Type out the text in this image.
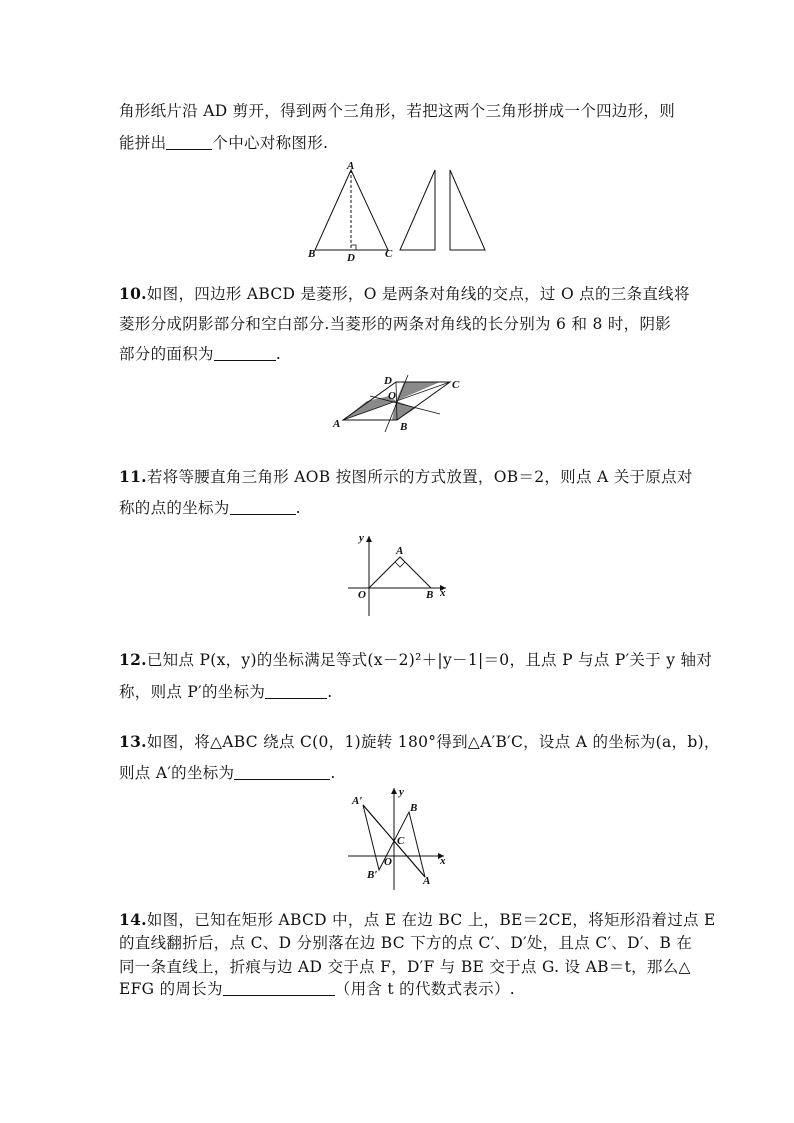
角形纸片沿 AD 剪开，得到两个三角形，若把这两个三角形拼成一个四边形，则
能拼出	个中心对称图形.
A
B	D	C
10.如图，四边形 ABCD 是菱形，O 是两条对角线的交点，过 O 点的三条直线将
菱形分成阴影部分和空白部分.当菱形的两条对角线的长分别为 6 和 8 时，阴影
部分的面积为	.
D	C
O
A	B
11.若将等腰直角三角形 AOB 按图所示的方式放置，OB＝2，则点 A 关于原点对
称的点的坐标为	.
y
x
A
O	B
12.已知点 P(x，y)的坐标满足等式(x－2)²＋|y－1|＝0，且点 P 与点 P′关于 y 轴对
称，则点 P′的坐标为	.
13.如图，将△ABC 绕点 C(0，1)旋转 180°得到△A′B′C，设点 A 的坐标为(a，b)，
则点 A′的坐标为	.
y
x
A′
B
C
O
B′	A
14.如图，已知在矩形 ABCD 中，点 E 在边 BC 上，BE＝2CE，将矩形沿着过点 E
的直线翻折后，点 C、D 分别落在边 BC 下方的点 C′、D′处，且点 C′、D′、B 在
同一条直线上，折痕与边 AD 交于点 F，D′F 与 BE 交于点 G. 设 AB＝t，那么△
EFG 的周长为	（用含 t 的代数式表示）.
